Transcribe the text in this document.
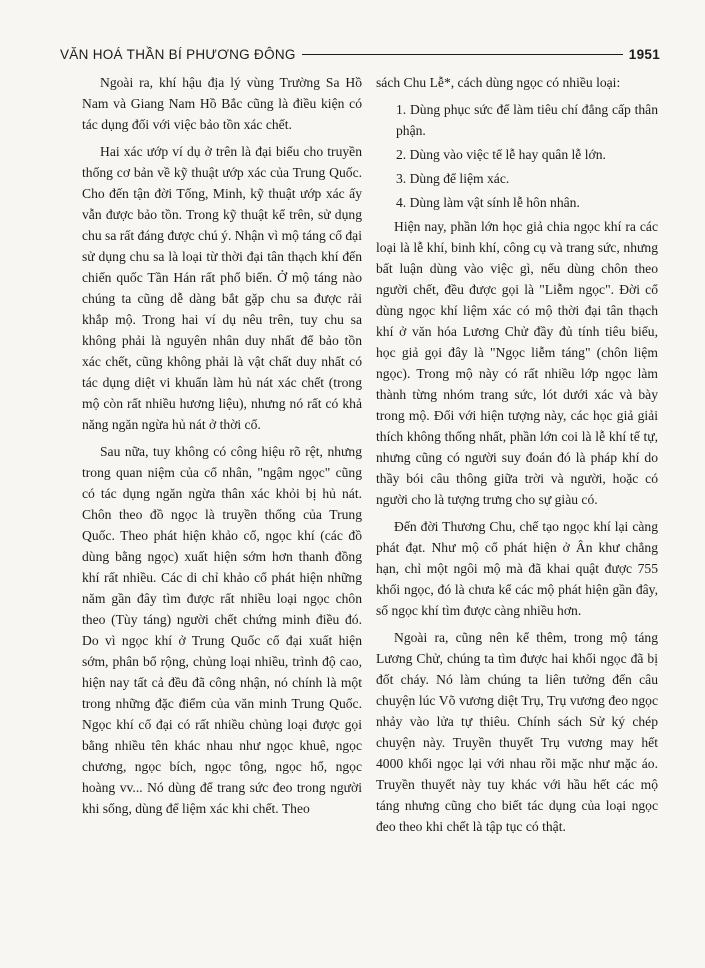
VĂN HOÁ THẦN BÍ PHƯƠNG ĐÔNG	1951

Ngoài ra, khí hậu địa lý vùng Trường Sa Hồ Nam và Giang Nam Hồ Bắc cũng là điều kiện có tác dụng đối với việc bảo tồn xác chết.

Hai xác ướp ví dụ ở trên là đại biểu cho truyền thống cơ bản về kỹ thuật ướp xác của Trung Quốc. Cho đến tận đời Tống, Minh, kỹ thuật ướp xác ấy vẫn được bảo tồn. Trong kỹ thuật kể trên, sử dụng chu sa rất đáng được chú ý. Nhận vì mộ táng cổ đại sử dụng chu sa là loại từ thời đại tân thạch khí đến chiến quốc Tần Hán rất phổ biến. Ở mộ táng nào chúng ta cũng dễ dàng bắt gặp chu sa được rải khắp mộ. Trong hai ví dụ nêu trên, tuy chu sa không phải là nguyên nhân duy nhất để bảo tồn xác chết, cũng không phải là vật chất duy nhất có tác dụng diệt vi khuẩn làm hủ nát xác chết (trong mộ còn rất nhiều hương liệu), nhưng nó rất có khả năng ngăn ngừa hủ nát ở thời cổ.

Sau nữa, tuy không có công hiệu rõ rệt, nhưng trong quan niệm của cổ nhân, "ngậm ngọc" cũng có tác dụng ngăn ngừa thân xác khỏi bị hủ nát. Chôn theo đồ ngọc là truyền thống của Trung Quốc. Theo phát hiện khảo cổ, ngọc khí (các đồ dùng bằng ngọc) xuất hiện sớm hơn thanh đồng khí rất nhiều. Các di chỉ khảo cổ phát hiện những năm gần đây tìm được rất nhiều loại ngọc chôn theo (Tùy táng) người chết chứng minh điều đó. Do vì ngọc khí ở Trung Quốc cổ đại xuất hiện sớm, phân bổ rộng, chủng loại nhiều, trình độ cao, hiện nay tất cả đều đã công nhận, nó chính là một trong những đặc điểm của văn minh Trung Quốc. Ngọc khí cổ đại có rất nhiều chủng loại được gọi bằng nhiều tên khác nhau như ngọc khuê, ngọc chương, ngọc bích, ngọc tông, ngọc hổ, ngọc hoàng vv... Nó dùng để trang sức đeo trong người khi sống, dùng để liệm xác khi chết. Theo

sách Chu Lễ*, cách dùng ngọc có nhiều loại:

1. Dùng phục sức để làm tiêu chí đẳng cấp thân phận.

2. Dùng vào việc tế lễ hay quân lễ lớn.

3. Dùng để liệm xác.

4. Dùng làm vật sính lễ hôn nhân.

Hiện nay, phần lớn học giả chia ngọc khí ra các loại là lễ khí, binh khí, công cụ và trang sức, nhưng bất luận dùng vào việc gì, nếu dùng chôn theo người chết, đều được gọi là "Liễm ngọc". Đời cổ dùng ngọc khí liệm xác có mộ thời đại tân thạch khí ở văn hóa Lương Chử đầy đủ tính tiêu biểu, học giả gọi đây là "Ngọc liễm táng" (chôn liệm ngọc). Trong mộ này có rất nhiều lớp ngọc làm thành từng nhóm trang sức, lót dưới xác và bày trong mộ. Đối với hiện tượng này, các học giả giải thích không thống nhất, phần lớn coi là lễ khí tế tự, nhưng cũng có người suy đoán đó là pháp khí do thầy bói câu thông giữa trời và người, hoặc có người cho là tượng trưng cho sự giàu có.

Đến đời Thương Chu, chế tạo ngọc khí lại càng phát đạt. Như mộ cổ phát hiện ở Ân khư chẳng hạn, chỉ một ngôi mộ mà đã khai quật được 755 khối ngọc, đó là chưa kể các mộ phát hiện gần đây, số ngọc khí tìm được càng nhiều hơn.

Ngoài ra, cũng nên kể thêm, trong mộ táng Lương Chử, chúng ta tìm được hai khối ngọc đã bị đốt cháy. Nó làm chúng ta liên tưởng đến câu chuyện lúc Võ vương diệt Trụ, Trụ vương đeo ngọc nhảy vào lửa tự thiêu. Chính sách Sử ký chép chuyện này. Truyền thuyết Trụ vương may hết 4000 khối ngọc lại với nhau rồi mặc như mặc áo. Truyền thuyết này tuy khác với hầu hết các mộ táng nhưng cũng cho biết tác dụng của loại ngọc đeo theo khi chết là tập tục có thật.
